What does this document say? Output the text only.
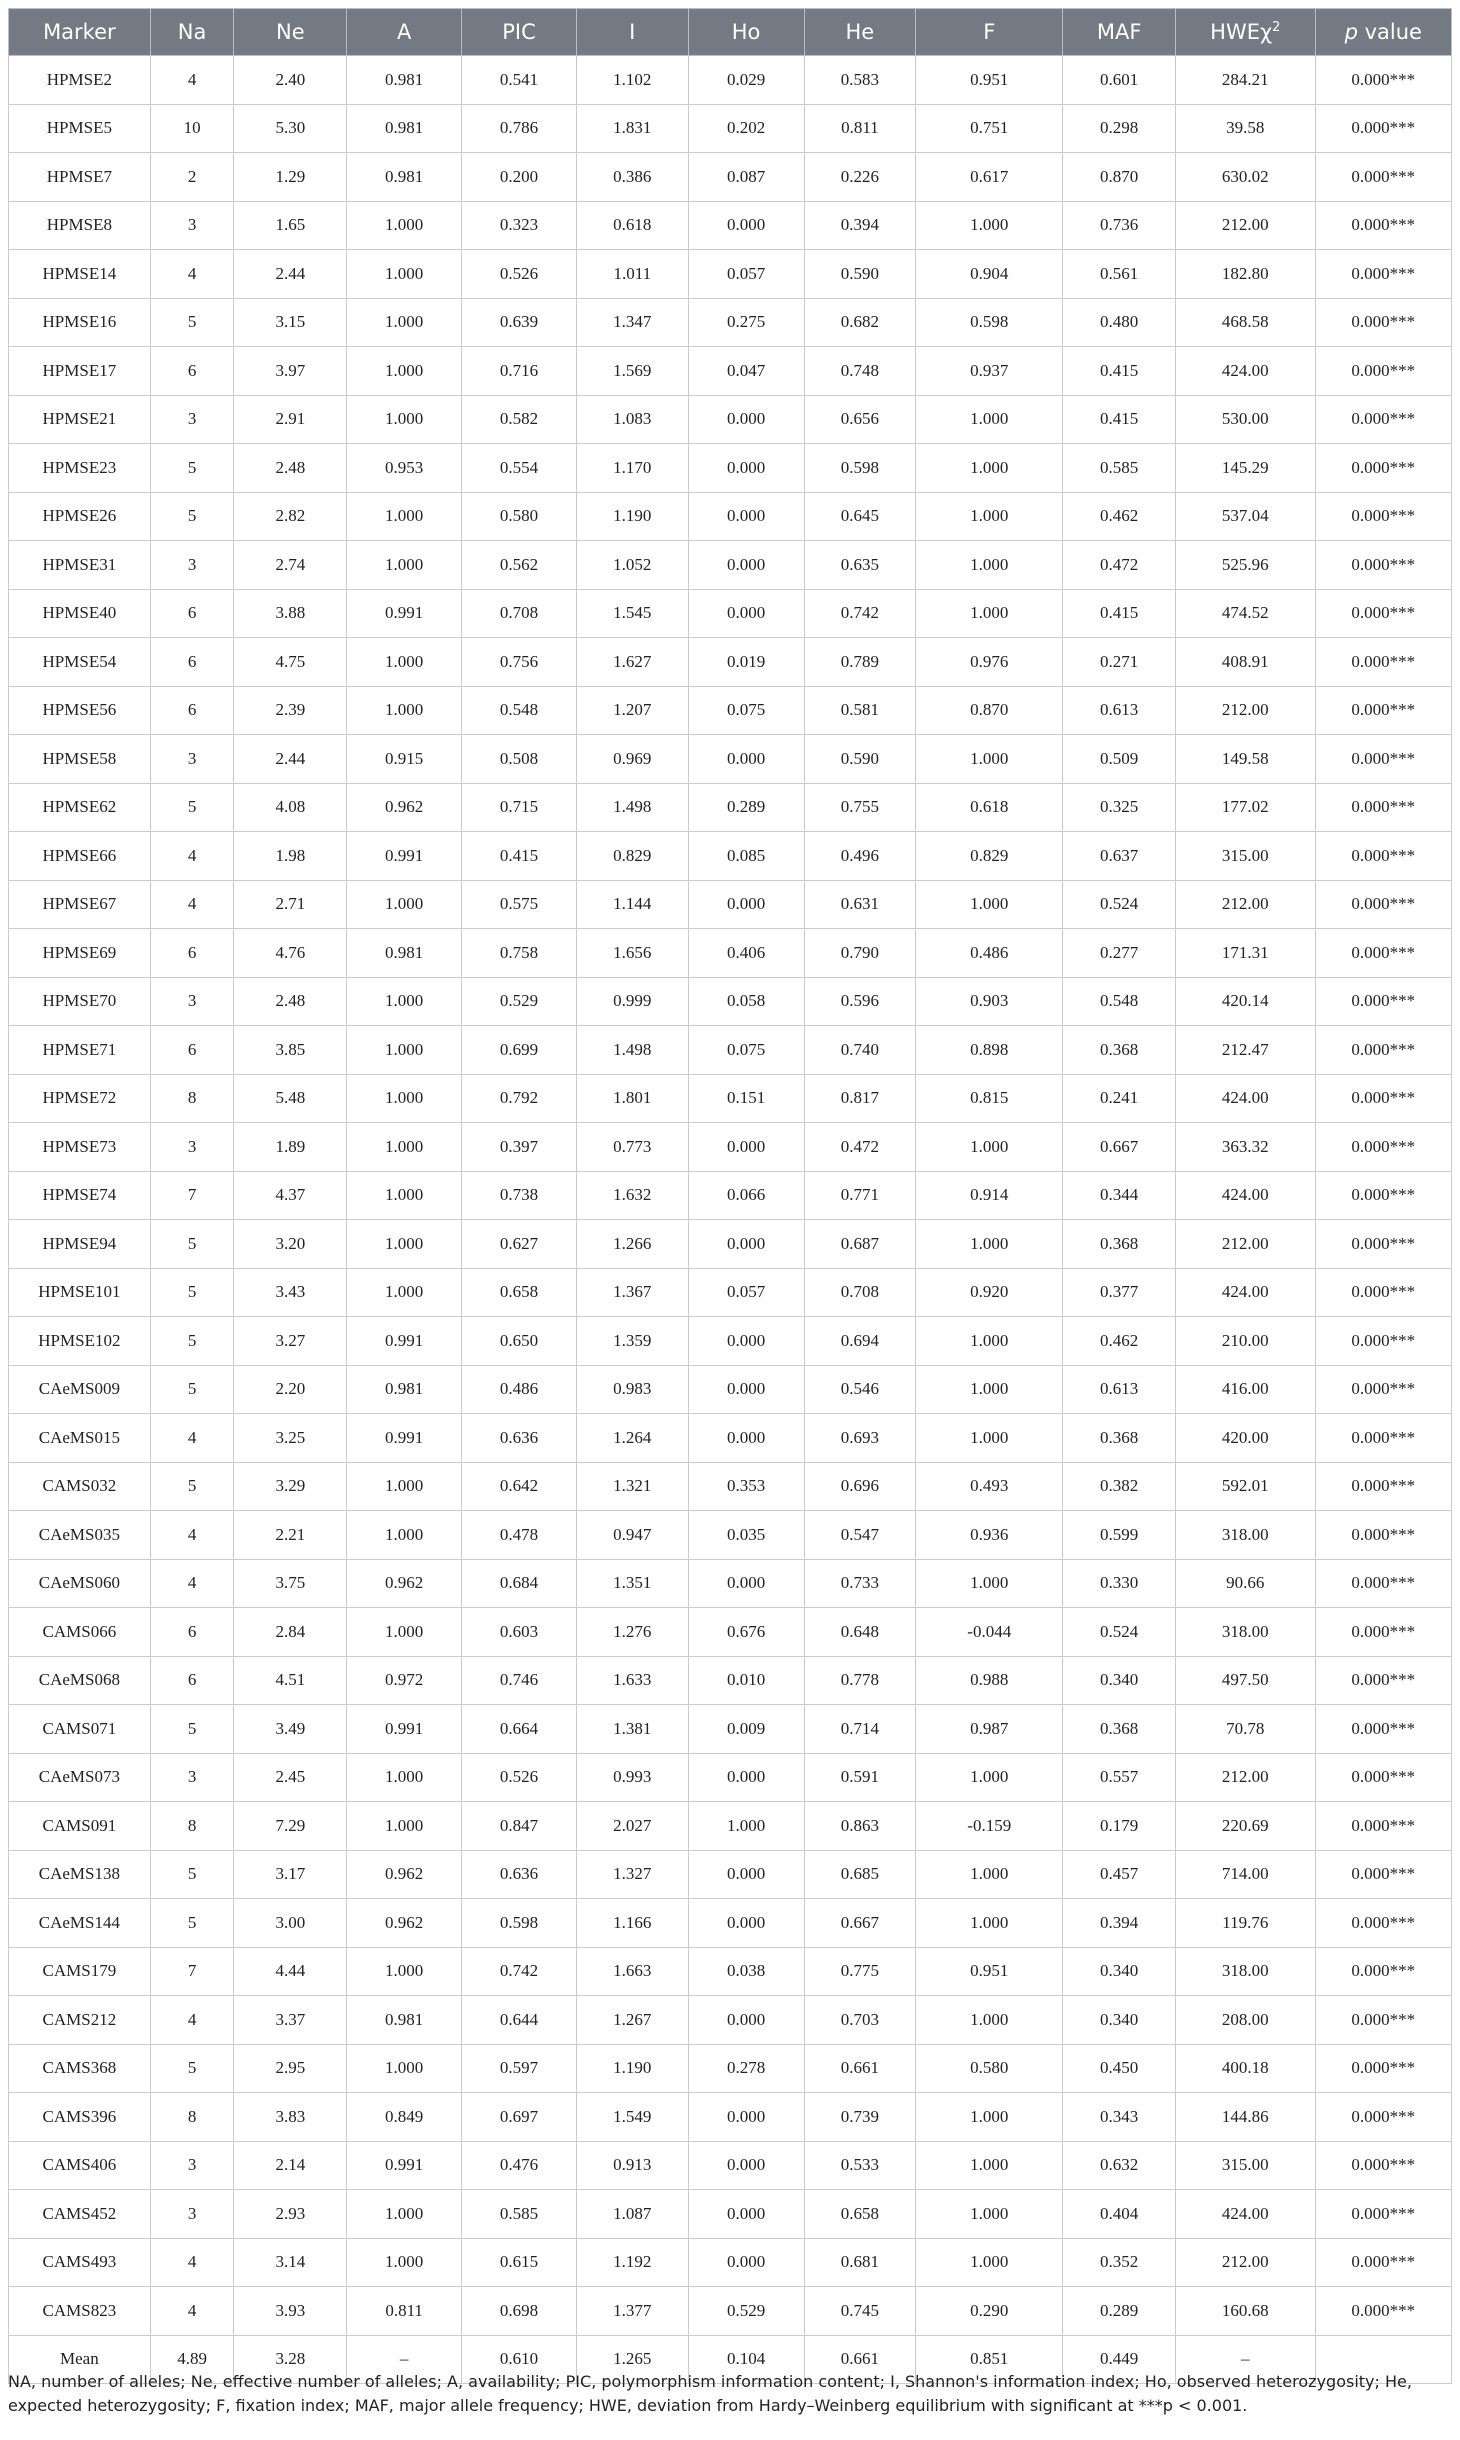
Marker	Na	Ne	A	PIC	I	Ho	He	F	MAF	HWEχ$^2$	p value
HPMSE2	4	2.40	0.981	0.541	1.102	0.029	0.583	0.951	0.601	284.21	0.000***
HPMSE5	10	5.30	0.981	0.786	1.831	0.202	0.811	0.751	0.298	39.58	0.000***
HPMSE7	2	1.29	0.981	0.200	0.386	0.087	0.226	0.617	0.870	630.02	0.000***
HPMSE8	3	1.65	1.000	0.323	0.618	0.000	0.394	1.000	0.736	212.00	0.000***
HPMSE14	4	2.44	1.000	0.526	1.011	0.057	0.590	0.904	0.561	182.80	0.000***
HPMSE16	5	3.15	1.000	0.639	1.347	0.275	0.682	0.598	0.480	468.58	0.000***
HPMSE17	6	3.97	1.000	0.716	1.569	0.047	0.748	0.937	0.415	424.00	0.000***
HPMSE21	3	2.91	1.000	0.582	1.083	0.000	0.656	1.000	0.415	530.00	0.000***
HPMSE23	5	2.48	0.953	0.554	1.170	0.000	0.598	1.000	0.585	145.29	0.000***
HPMSE26	5	2.82	1.000	0.580	1.190	0.000	0.645	1.000	0.462	537.04	0.000***
HPMSE31	3	2.74	1.000	0.562	1.052	0.000	0.635	1.000	0.472	525.96	0.000***
HPMSE40	6	3.88	0.991	0.708	1.545	0.000	0.742	1.000	0.415	474.52	0.000***
HPMSE54	6	4.75	1.000	0.756	1.627	0.019	0.789	0.976	0.271	408.91	0.000***
HPMSE56	6	2.39	1.000	0.548	1.207	0.075	0.581	0.870	0.613	212.00	0.000***
HPMSE58	3	2.44	0.915	0.508	0.969	0.000	0.590	1.000	0.509	149.58	0.000***
HPMSE62	5	4.08	0.962	0.715	1.498	0.289	0.755	0.618	0.325	177.02	0.000***
HPMSE66	4	1.98	0.991	0.415	0.829	0.085	0.496	0.829	0.637	315.00	0.000***
HPMSE67	4	2.71	1.000	0.575	1.144	0.000	0.631	1.000	0.524	212.00	0.000***
HPMSE69	6	4.76	0.981	0.758	1.656	0.406	0.790	0.486	0.277	171.31	0.000***
HPMSE70	3	2.48	1.000	0.529	0.999	0.058	0.596	0.903	0.548	420.14	0.000***
HPMSE71	6	3.85	1.000	0.699	1.498	0.075	0.740	0.898	0.368	212.47	0.000***
HPMSE72	8	5.48	1.000	0.792	1.801	0.151	0.817	0.815	0.241	424.00	0.000***
HPMSE73	3	1.89	1.000	0.397	0.773	0.000	0.472	1.000	0.667	363.32	0.000***
HPMSE74	7	4.37	1.000	0.738	1.632	0.066	0.771	0.914	0.344	424.00	0.000***
HPMSE94	5	3.20	1.000	0.627	1.266	0.000	0.687	1.000	0.368	212.00	0.000***
HPMSE101	5	3.43	1.000	0.658	1.367	0.057	0.708	0.920	0.377	424.00	0.000***
HPMSE102	5	3.27	0.991	0.650	1.359	0.000	0.694	1.000	0.462	210.00	0.000***
CAeMS009	5	2.20	0.981	0.486	0.983	0.000	0.546	1.000	0.613	416.00	0.000***
CAeMS015	4	3.25	0.991	0.636	1.264	0.000	0.693	1.000	0.368	420.00	0.000***
CAMS032	5	3.29	1.000	0.642	1.321	0.353	0.696	0.493	0.382	592.01	0.000***
CAeMS035	4	2.21	1.000	0.478	0.947	0.035	0.547	0.936	0.599	318.00	0.000***
CAeMS060	4	3.75	0.962	0.684	1.351	0.000	0.733	1.000	0.330	90.66	0.000***
CAMS066	6	2.84	1.000	0.603	1.276	0.676	0.648	-0.044	0.524	318.00	0.000***
CAeMS068	6	4.51	0.972	0.746	1.633	0.010	0.778	0.988	0.340	497.50	0.000***
CAMS071	5	3.49	0.991	0.664	1.381	0.009	0.714	0.987	0.368	70.78	0.000***
CAeMS073	3	2.45	1.000	0.526	0.993	0.000	0.591	1.000	0.557	212.00	0.000***
CAMS091	8	7.29	1.000	0.847	2.027	1.000	0.863	-0.159	0.179	220.69	0.000***
CAeMS138	5	3.17	0.962	0.636	1.327	0.000	0.685	1.000	0.457	714.00	0.000***
CAeMS144	5	3.00	0.962	0.598	1.166	0.000	0.667	1.000	0.394	119.76	0.000***
CAMS179	7	4.44	1.000	0.742	1.663	0.038	0.775	0.951	0.340	318.00	0.000***
CAMS212	4	3.37	0.981	0.644	1.267	0.000	0.703	1.000	0.340	208.00	0.000***
CAMS368	5	2.95	1.000	0.597	1.190	0.278	0.661	0.580	0.450	400.18	0.000***
CAMS396	8	3.83	0.849	0.697	1.549	0.000	0.739	1.000	0.343	144.86	0.000***
CAMS406	3	2.14	0.991	0.476	0.913	0.000	0.533	1.000	0.632	315.00	0.000***
CAMS452	3	2.93	1.000	0.585	1.087	0.000	0.658	1.000	0.404	424.00	0.000***
CAMS493	4	3.14	1.000	0.615	1.192	0.000	0.681	1.000	0.352	212.00	0.000***
CAMS823	4	3.93	0.811	0.698	1.377	0.529	0.745	0.290	0.289	160.68	0.000***
Mean	4.89	3.28	–	0.610	1.265	0.104	0.661	0.851	0.449	–	
NA, number of alleles; Ne, effective number of alleles; A, availability; PIC, polymorphism information content; I, Shannon's information index; Ho, observed heterozygosity; He, expected heterozygosity; F, fixation index; MAF, major allele frequency; HWE, deviation from Hardy–Weinberg equilibrium with significant at ***p < 0.001.
